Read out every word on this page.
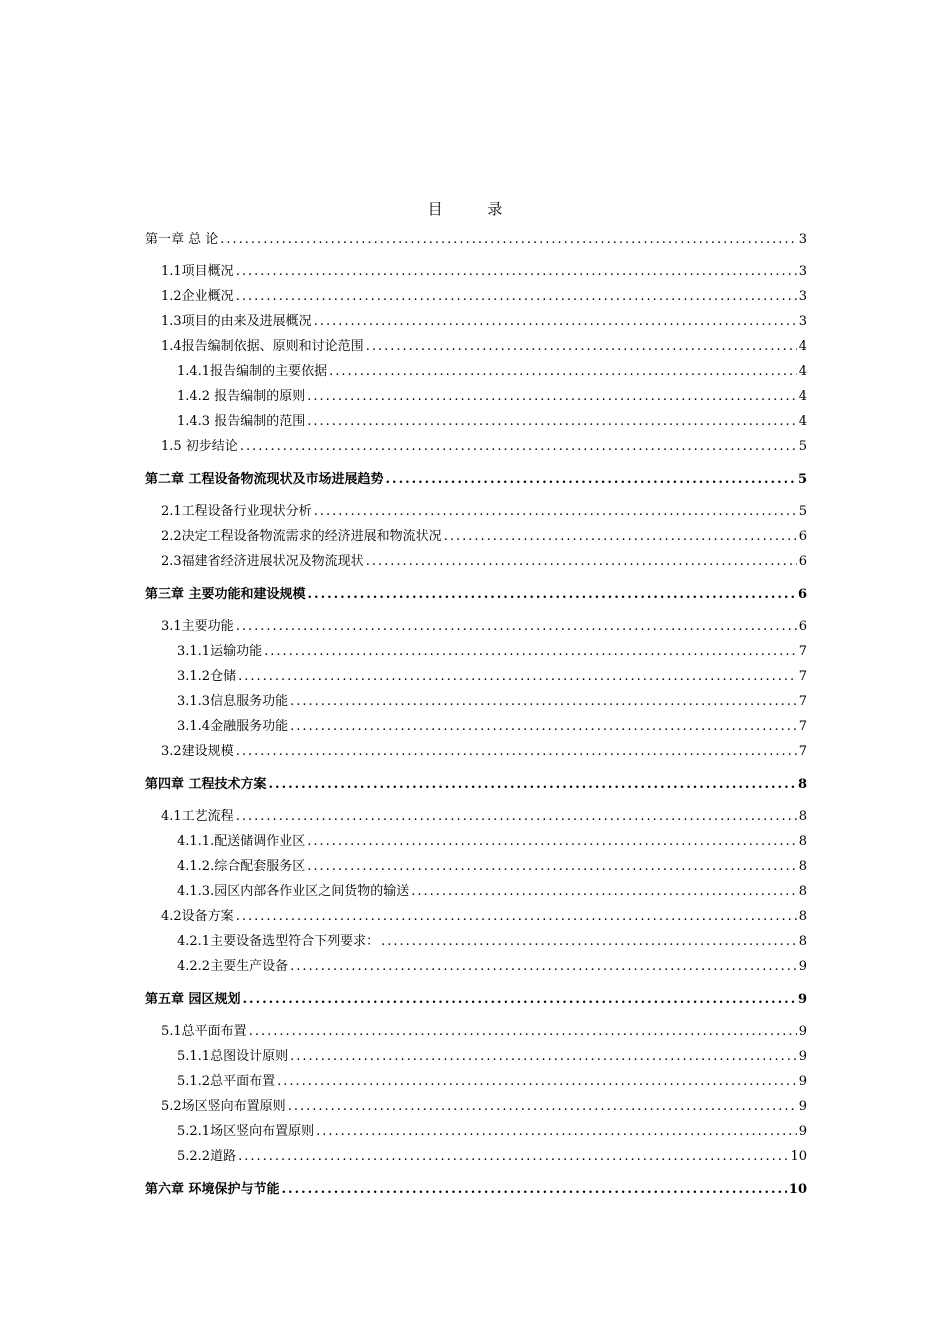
目 录
第一章 总 论 .....	3
1.1项目概况 .....	3
1.2企业概况 .....	3
1.3项目的由来及进展概况 .....	3
1.4报告编制依据、原则和讨论范围 .....	4
1.4.1报告编制的主要依据 .....	4
1.4.2 报告编制的原则 .....	4
1.4.3 报告编制的范围 .....	4
1.5 初步结论 .....	5
第二章 工程设备物流现状及市场进展趋势 .....	5
2.1工程设备行业现状分析 .....	5
2.2决定工程设备物流需求的经济进展和物流状况 .....	6
2.3福建省经济进展状况及物流现状 .....	6
第三章 主要功能和建设规模 .....	6
3.1主要功能 .....	6
3.1.1运输功能 .....	7
3.1.2仓储 .....	7
3.1.3信息服务功能 .....	7
3.1.4金融服务功能 .....	7
3.2建设规模 .....	7
第四章 工程技术方案 .....	8
4.1工艺流程 .....	8
4.1.1.配送储调作业区 .....	8
4.1.2.综合配套服务区 .....	8
4.1.3.园区内部各作业区之间货物的输送 .....	8
4.2设备方案 .....	8
4.2.1主要设备选型符合下列要求： .....	8
4.2.2主要生产设备 .....	9
第五章 园区规划 .....	9
5.1总平面布置 .....	9
5.1.1总图设计原则 .....	9
5.1.2总平面布置 .....	9
5.2场区竖向布置原则 .....	9
5.2.1场区竖向布置原则 .....	9
5.2.2道路 .....	10
第六章 环境保护与节能 .....	10
